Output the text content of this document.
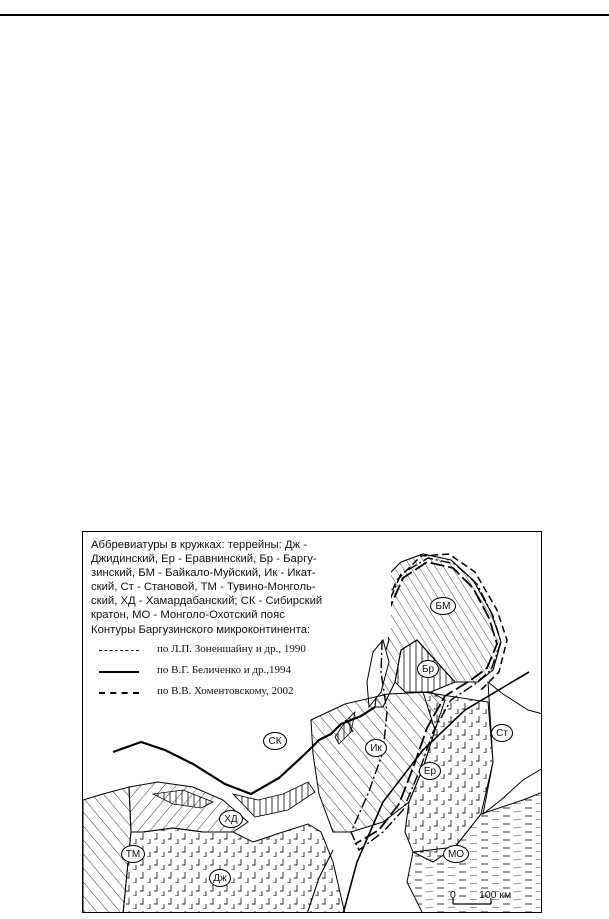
Аббревиатуры в кружках: террейны: Дж -

Джидинский, Ер - Еравнинский, Бр - Баргу-

зинский, БМ - Байкало-Муйский, Ик - Икат-

ский, Ст - Становой, ТМ - Тувино-Монголь-

ский, ХД - Хамардабанский; СК - Сибирский

кратон, МО - Монголо-Охотский пояс

Контуры Баргузинского микроконтинента:

по Л.П. Зоненшайну и др., 1990
по В.Г. Беличенко и др.,1994
по В.В. Хоментовскому, 2002
БМ
Бр
СК
Ст
Ик
Ер
ХД
ТМ	МО
Дж
0 100 км
